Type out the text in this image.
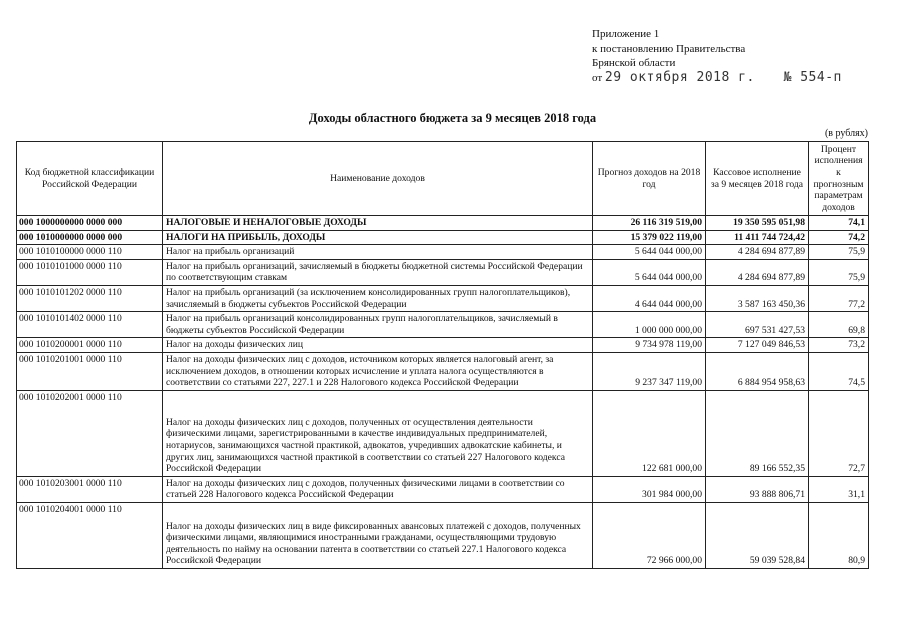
Приложение 1
к постановлению Правительства
Брянской области
от 29 октября 2018 г. № 554-п
Доходы областного бюджета за 9 месяцев 2018 года
(в рублях)
Код бюджетной классификации Российской Федерации	Наименование доходов	Прогноз доходов на 2018 год	Кассовое исполнение за 9 месяцев 2018 года	Процент исполнения к прогнозным параметрам доходов
000 1000000000 0000 000	НАЛОГОВЫЕ И НЕНАЛОГОВЫЕ ДОХОДЫ	26 116 319 519,00	19 350 595 051,98	74,1
000 1010000000 0000 000	НАЛОГИ НА ПРИБЫЛЬ, ДОХОДЫ	15 379 022 119,00	11 411 744 724,42	74,2
000 1010100000 0000 110	Налог на прибыль организаций	5 644 044 000,00	4 284 694 877,89	75,9
000 1010101000 0000 110	Налог на прибыль организаций, зачисляемый в бюджеты бюджетной системы Российской Федерации по соответствующим ставкам	5 644 044 000,00	4 284 694 877,89	75,9
000 1010101202 0000 110	Налог на прибыль организаций (за исключением консолидированных групп налогоплательщиков), зачисляемый в бюджеты субъектов Российской Федерации	4 644 044 000,00	3 587 163 450,36	77,2
000 1010101402 0000 110	Налог на прибыль организаций консолидированных групп налогоплательщиков, зачисляемый в бюджеты субъектов Российской Федерации	1 000 000 000,00	697 531 427,53	69,8
000 1010200001 0000 110	Налог на доходы физических лиц	9 734 978 119,00	7 127 049 846,53	73,2
000 1010201001 0000 110	Налог на доходы физических лиц с доходов, источником которых является налоговый агент, за исключением доходов, в отношении которых исчисление и уплата налога осуществляются в соответствии со статьями 227, 227.1 и 228 Налогового кодекса Российской Федерации	9 237 347 119,00	6 884 954 958,63	74,5
000 1010202001 0000 110	Налог на доходы физических лиц с доходов, полученных от осуществления деятельности физическими лицами, зарегистрированными в качестве индивидуальных предпринимателей, нотариусов, занимающихся частной практикой, адвокатов, учредивших адвокатские кабинеты, и других лиц, занимающихся частной практикой в соответствии со статьей 227 Налогового кодекса Российской Федерации	122 681 000,00	89 166 552,35	72,7
000 1010203001 0000 110	Налог на доходы физических лиц с доходов, полученных физическими лицами в соответствии со статьей 228 Налогового кодекса Российской Федерации	301 984 000,00	93 888 806,71	31,1
000 1010204001 0000 110	Налог на доходы физических лиц в виде фиксированных авансовых платежей с доходов, полученных физическими лицами, являющимися иностранными гражданами, осуществляющими трудовую деятельность по найму на основании патента в соответствии со статьей 227.1 Налогового кодекса Российской Федерации	72 966 000,00	59 039 528,84	80,9
